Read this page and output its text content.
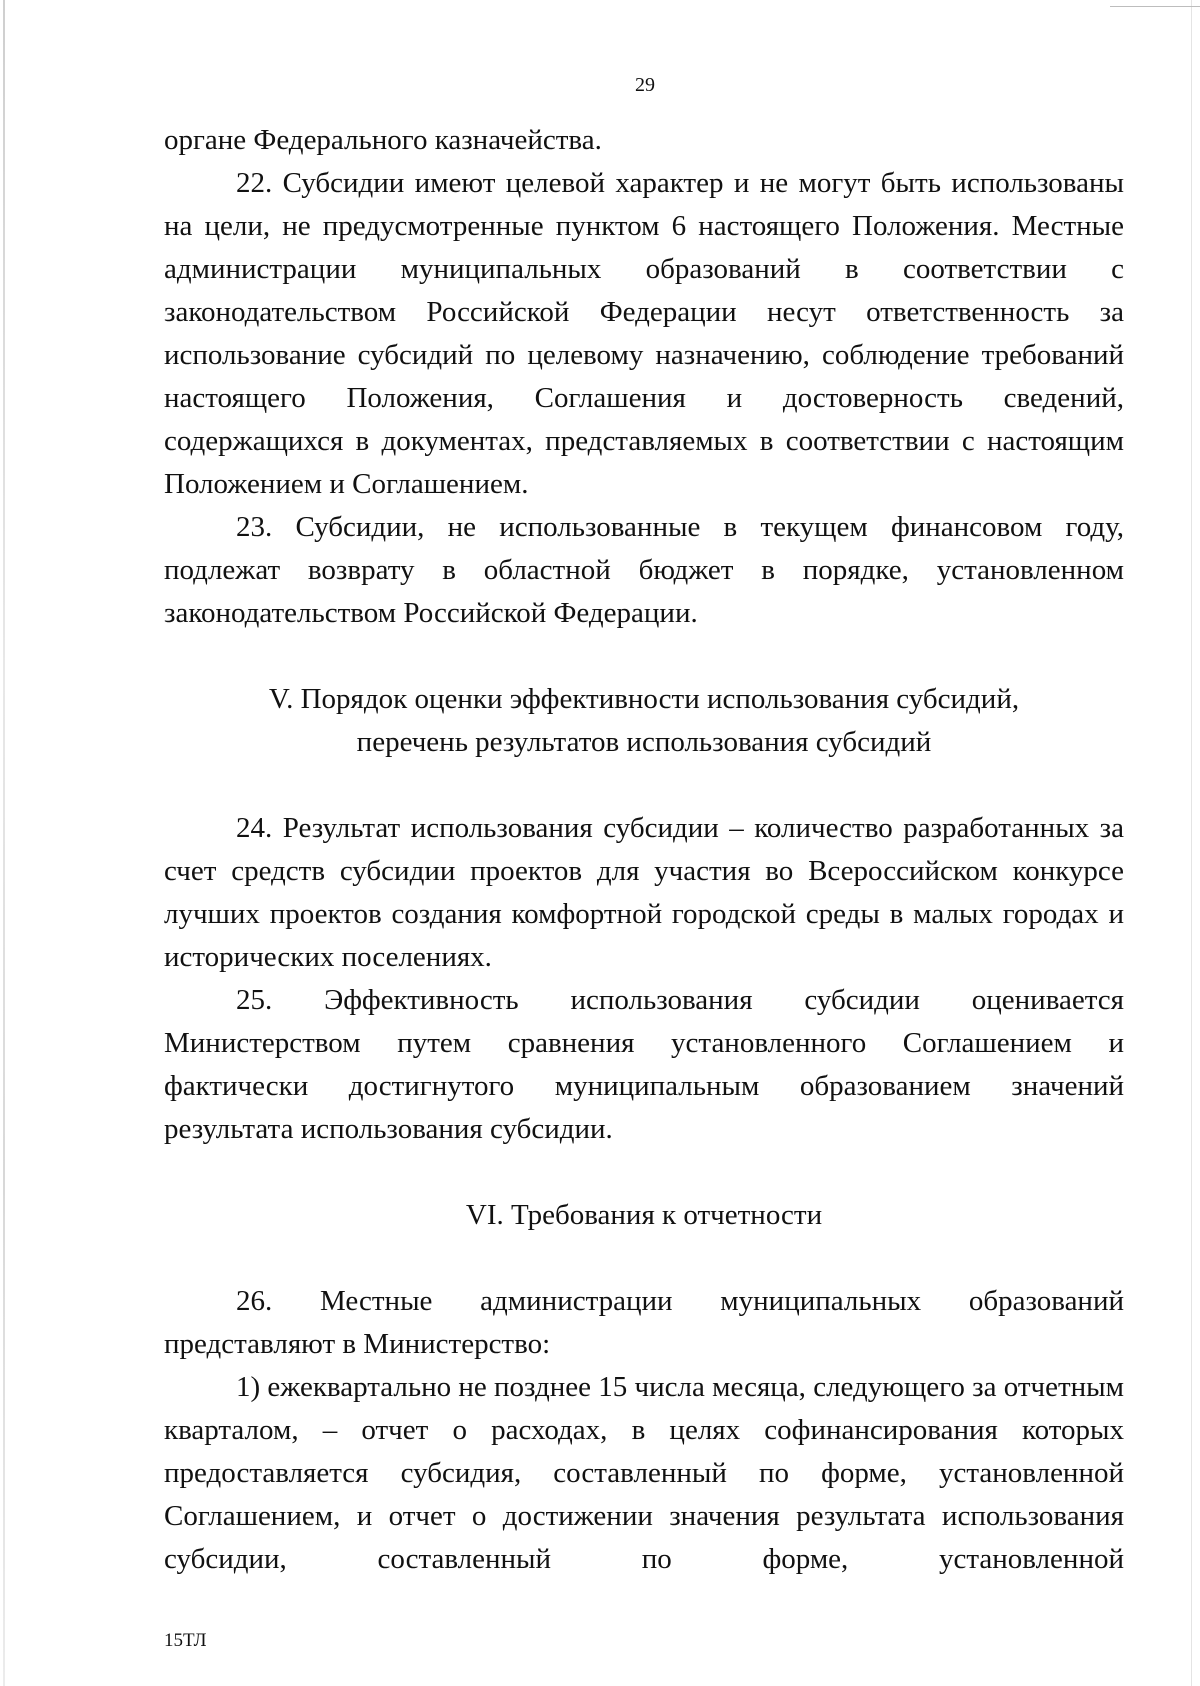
29

органе Федерального казначейства.

22. Субсидии имеют целевой характер и не могут быть использованы на цели, не предусмотренные пунктом 6 настоящего Положения. Местные администрации муниципальных образований в соответствии с законодательством Российской Федерации несут ответственность за использование субсидий по целевому назначению, соблюдение требований настоящего Положения, Соглашения и достоверность сведений, содержащихся в документах, представляемых в соответствии с настоящим Положением и Соглашением.

23. Субсидии, не использованные в текущем финансовом году, подлежат возврату в областной бюджет в порядке, установленном законодательством Российской Федерации.

V. Порядок оценки эффективности использования субсидий,

перечень результатов использования субсидий

24. Результат использования субсидии – количество разработанных за счет средств субсидии проектов для участия во Всероссийском конкурсе лучших проектов создания комфортной городской среды в малых городах и исторических поселениях.

25. Эффективность использования субсидии оценивается Министерством путем сравнения установленного Соглашением и фактически достигнутого муниципальным образованием значений результата использования субсидии.

VI. Требования к отчетности

26. Местные администрации муниципальных образований представляют в Министерство:

1) ежеквартально не позднее 15 числа месяца, следующего за отчетным кварталом, – отчет о расходах, в целях софинансирования которых предоставляется субсидия, составленный по форме, установленной Соглашением, и отчет о достижении значения результата использования субсидии, составленный по форме, установленной

15ТЛ
